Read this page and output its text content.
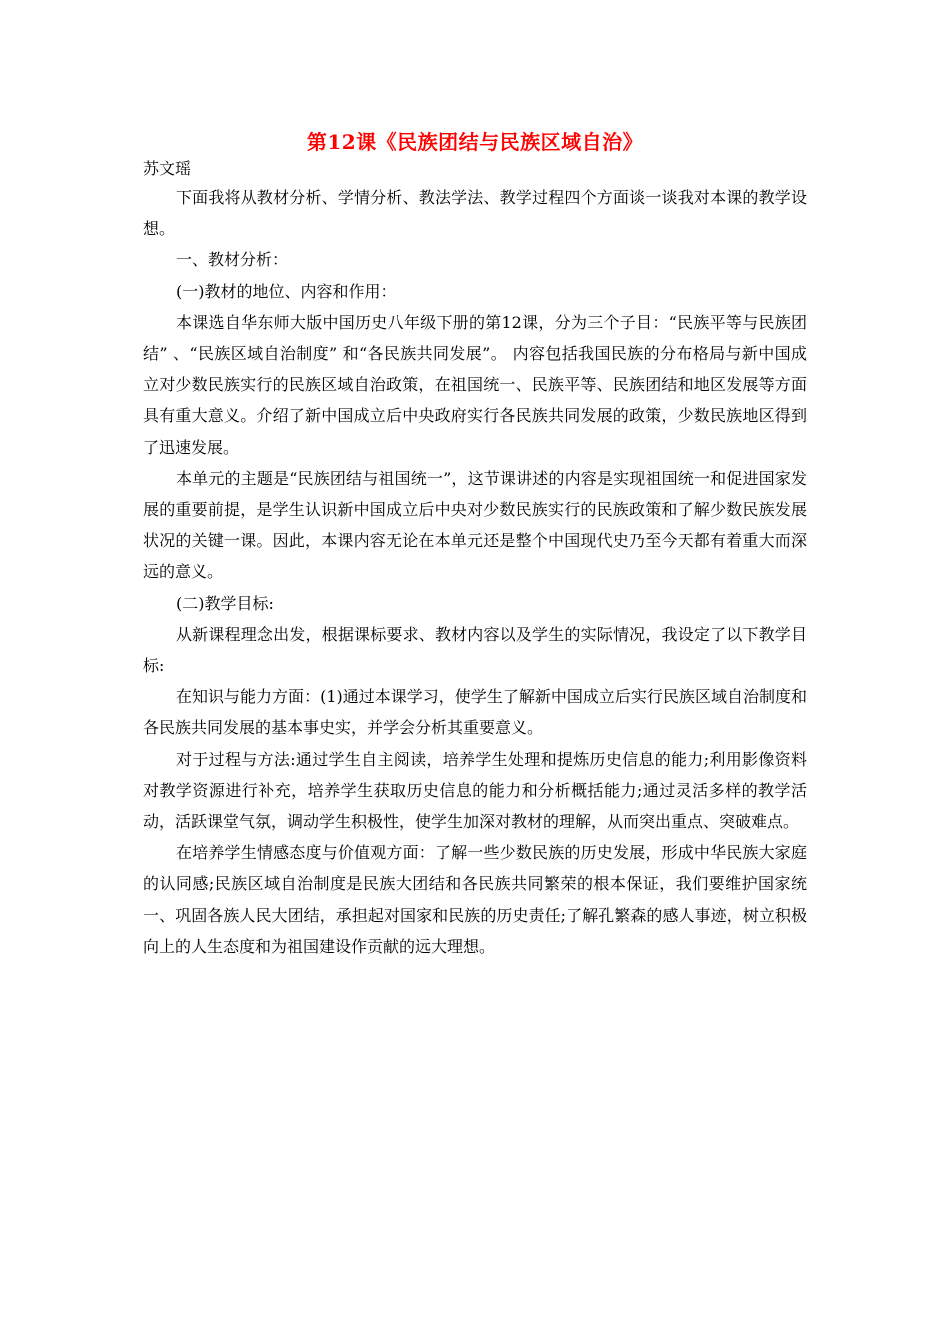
第12课《民族团结与民族区域自治》
苏文瑶

下面我将从教材分析、学情分析、教法学法、教学过程四个方面谈一谈我对本课的教学设想。

一、教材分析：

(一)教材的地位、内容和作用：

本课选自华东师大版中国历史八年级下册的第12课，分为三个子目：“民族平等与民族团结” 、“民族区域自治制度” 和“各民族共同发展”。 内容包括我国民族的分布格局与新中国成立对少数民族实行的民族区域自治政策，在祖国统一、民族平等、民族团结和地区发展等方面具有重大意义。介绍了新中国成立后中央政府实行各民族共同发展的政策，少数民族地区得到了迅速发展。

本单元的主题是“民族团结与祖国统一”，这节课讲述的内容是实现祖国统一和促进国家发展的重要前提，是学生认识新中国成立后中央对少数民族实行的民族政策和了解少数民族发展状况的关键一课。因此，本课内容无论在本单元还是整个中国现代史乃至今天都有着重大而深远的意义。

(二)教学目标:

从新课程理念出发，根据课标要求、教材内容以及学生的实际情况，我设定了以下教学目标:

在知识与能力方面：(1)通过本课学习，使学生了解新中国成立后实行民族区域自治制度和各民族共同发展的基本事史实，并学会分析其重要意义。

对于过程与方法:通过学生自主阅读，培养学生处理和提炼历史信息的能力;利用影像资料对教学资源进行补充，培养学生获取历史信息的能力和分析概括能力;通过灵活多样的教学活动，活跃课堂气氛，调动学生积极性，使学生加深对教材的理解，从而突出重点、突破难点。

在培养学生情感态度与价值观方面：了解一些少数民族的历史发展，形成中华民族大家庭的认同感;民族区域自治制度是民族大团结和各民族共同繁荣的根本保证，我们要维护国家统一、巩固各族人民大团结，承担起对国家和民族的历史责任;了解孔繁森的感人事迹，树立积极向上的人生态度和为祖国建设作贡献的远大理想。
